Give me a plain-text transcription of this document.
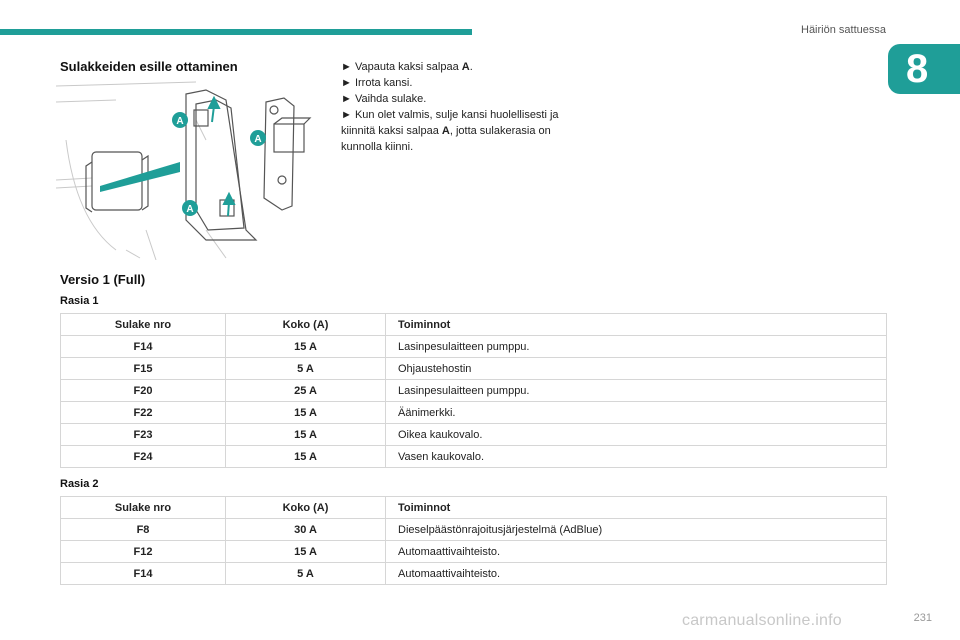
Häiriön sattuessa
8
Sulakkeiden esille ottaminen
A
A
A

► Vapauta kaksi salpaa A.

► Irrota kansi.

► Vaihda sulake.

► Kun olet valmis, sulje kansi huolellisesti ja kiinnitä kaksi salpaa A, jotta sulakerasia on kunnolla kiinni.

Versio 1 (Full)
Rasia 1
Sulake nro	Koko (A)	Toiminnot
F14	15 A	Lasinpesulaitteen pumppu.
F15	5 A	Ohjaustehostin
F20	25 A	Lasinpesulaitteen pumppu.
F22	15 A	Äänimerkki.
F23	15 A	Oikea kaukovalo.
F24	15 A	Vasen kaukovalo.
Rasia 2
Sulake nro	Koko (A)	Toiminnot
F8	30 A	Dieselpäästönrajoitusjärjestelmä (AdBlue)
F12	15 A	Automaattivaihteisto.
F14	5 A	Automaattivaihteisto.
carmanualsonline.info	231
